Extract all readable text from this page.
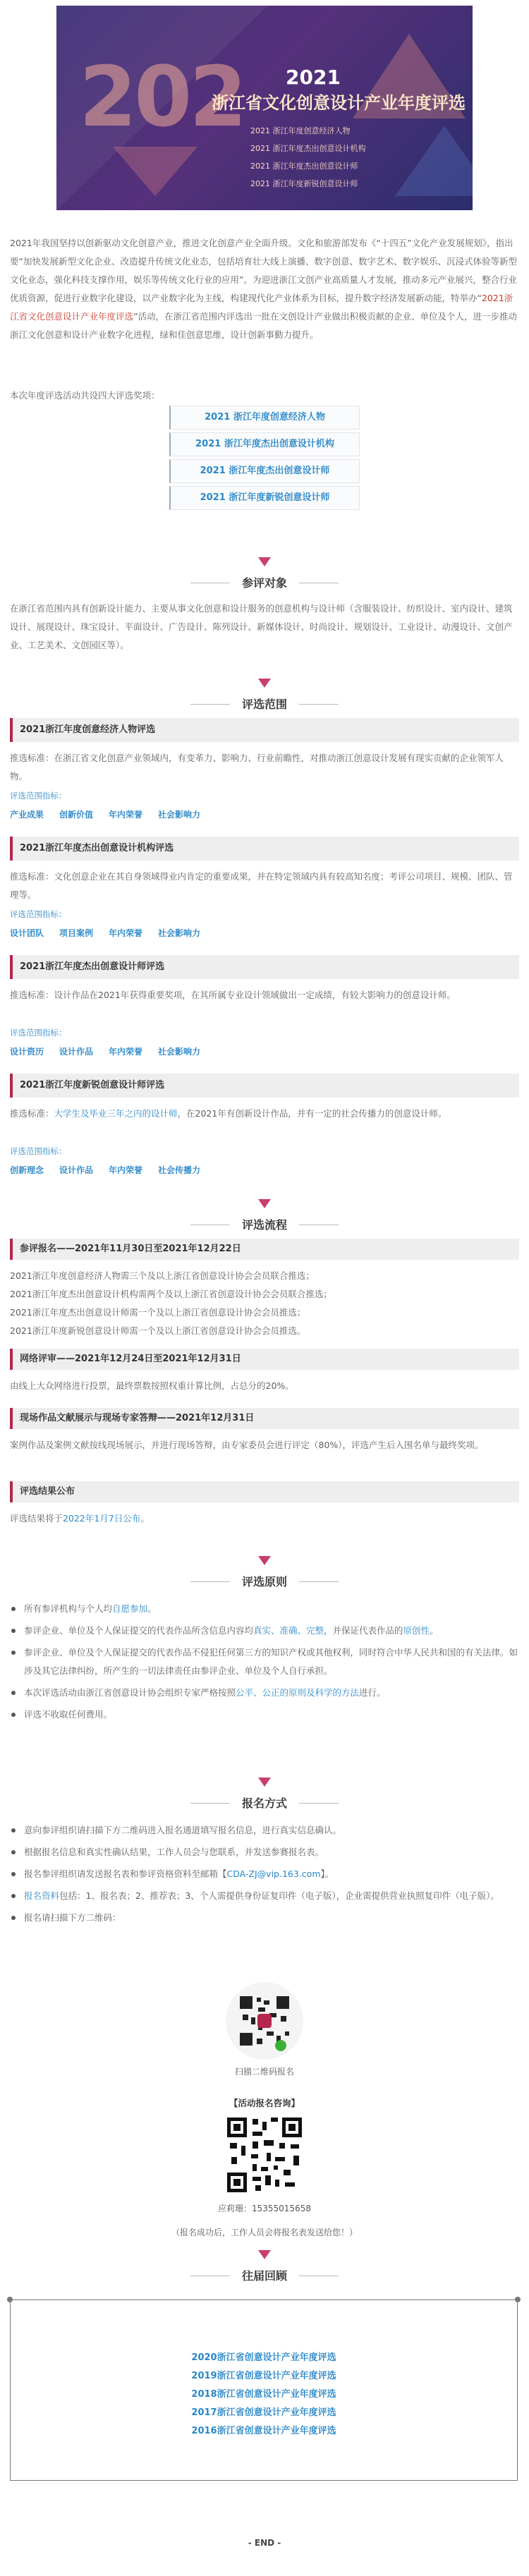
202 2021
浙江省文化创意设计产业年度评选
2021 浙江年度创意经济人物
2021 浙江年度杰出创意设计机构
2021 浙江年度杰出创意设计师
2021 浙江年度新锐创意设计师

2021年我国坚持以创新驱动文化创意产业，推进文化创意产业全面升级。文化和旅游部发布《“十四五”文化产业发展规划》，指出要“加快发展新型文化企业、改造提升传统文化业态，包括培育壮大线上演播、数字创意、数字艺术、数字娱乐、沉浸式体验等新型文化业态，强化科技支撑作用，娱乐等传统文化行业的应用”。为迎进浙江文创产业高质量人才发展，推动多元产业展兴，整合行业优质资源，促进行业数字化建设，以产业数字化为主线，构建现代化产业体系为目标，提升数字经济发展新动能，特举办“2021浙江省文化创意设计产业年度评选”活动，在浙江省范围内评选出一批在文创设计产业做出积极贡献的企业、单位及个人，进一步推动浙江文化创意和设计产业数字化进程，绿和佳创意思维，设计创新事勤力提升。

本次年度评选活动共设四大评选奖项：

2021 浙江年度创意经济人物
2021 浙江年度杰出创意设计机构
2021 浙江年度杰出创意设计师
2021 浙江年度新锐创意设计师
参评对象

在浙江省范围内具有创新设计能力、主要从事文化创意和设计服务的创意机构与设计师（含服装设计、纺织设计、室内设计、建筑设计、展现设计、珠宝设计、平面设计、广告设计、陈列设计、新媒体设计、时尚设计、规划设计、工业设计、动漫设计、文创产业、工艺美术、文创园区等）。

评选范围
2021浙江年度创意经济人物评选

推选标准：在浙江省文化创意产业领域内，有变革力、影响力、行业前瞻性，对推动浙江创意设计发展有现实贡献的企业领军人物。

评选范围指标：
产业成果 创新价值 年内荣誉 社会影响力
2021浙江年度杰出创意设计机构评选

推选标准：文化创意企业在其自身领域得业内肯定的重要成果，并在特定领域内具有较高知名度；考评公司项目、规模、团队、管理等。

评选范围指标：
设计团队 项目案例 年内荣誉 社会影响力
2021浙江年度杰出创意设计师评选

推选标准：设计作品在2021年获得重要奖项，在其所属专业设计领域做出一定成绩，有较大影响力的创意设计师。

评选范围指标：
设计资历 设计作品 年内荣誉 社会影响力
2021浙江年度新锐创意设计师评选

推选标准：大学生及毕业三年之内的设计师，在2021年有创新设计作品，并有一定的社会传播力的创意设计师。

评选范围指标：
创新理念 设计作品 年内荣誉 社会传播力
评选流程
参评报名——2021年11月30日至2021年12月22日

2021浙江年度创意经济人物需三个及以上浙江省创意设计协会会员联合推选；

2021浙江年度杰出创意设计机构需两个及以上浙江省创意设计协会会员联合推选；

2021浙江年度杰出创意设计师需一个及以上浙江省创意设计协会会员推选；

2021浙江年度新锐创意设计师需一个及以上浙江省创意设计协会会员推选。

网络评审——2021年12月24日至2021年12月31日

由线上大众网络进行投票，最终票数按照权重计算比例，占总分的20%。

现场作品文献展示与现场专家答辩——2021年12月31日

案例作品及案例文献按线现场展示，并进行现场答辩，由专家委员会进行评定（80%），评选产生后入围名单与最终奖项。

评选结果公布

评选结果将于2022年1月7日公布。

评选原则
所有参评机构与个人均自愿参加。
参评企业、单位及个人保证提交的代表作品所含信息内容均真实、准确、完整，并保证代表作品的原创性。
参评企业、单位及个人保证提交的代表作品不侵犯任何第三方的知识产权或其他权利，同时符合中华人民共和国的有关法律。如涉及其它法律纠纷，所产生的一切法律责任由参评企业、单位及个人自行承担。
本次评选活动由浙江省创意设计协会组织专家严格按照公平、公正的原则及科学的方法进行。
评选不收取任何费用。
报名方式
意向参评组织请扫描下方二维码进入报名通道填写报名信息，进行真实信息确认。
根据报名信息和真实性确认结果，工作人员会与您联系，并发送参赛报名表。
报名参评组织请发送报名表和参评资格资料至邮箱【CDA-ZJ@vip.163.com】。
报名资料包括：1、报名表；2、推荐表；3、个人需提供身份证复印件（电子版），企业需提供营业执照复印件（电子版）。
报名请扫描下方二维码：
扫描二维码报名
【活动报名咨询】
应莉珊：15355015658
（报名成功后，工作人员会将报名表发送给您！）
往届回顾
2020浙江省创意设计产业年度评选
2019浙江省创意设计产业年度评选
2018浙江省创意设计产业年度评选
2017浙江省创意设计产业年度评选
2016浙江省创意设计产业年度评选
- END -
